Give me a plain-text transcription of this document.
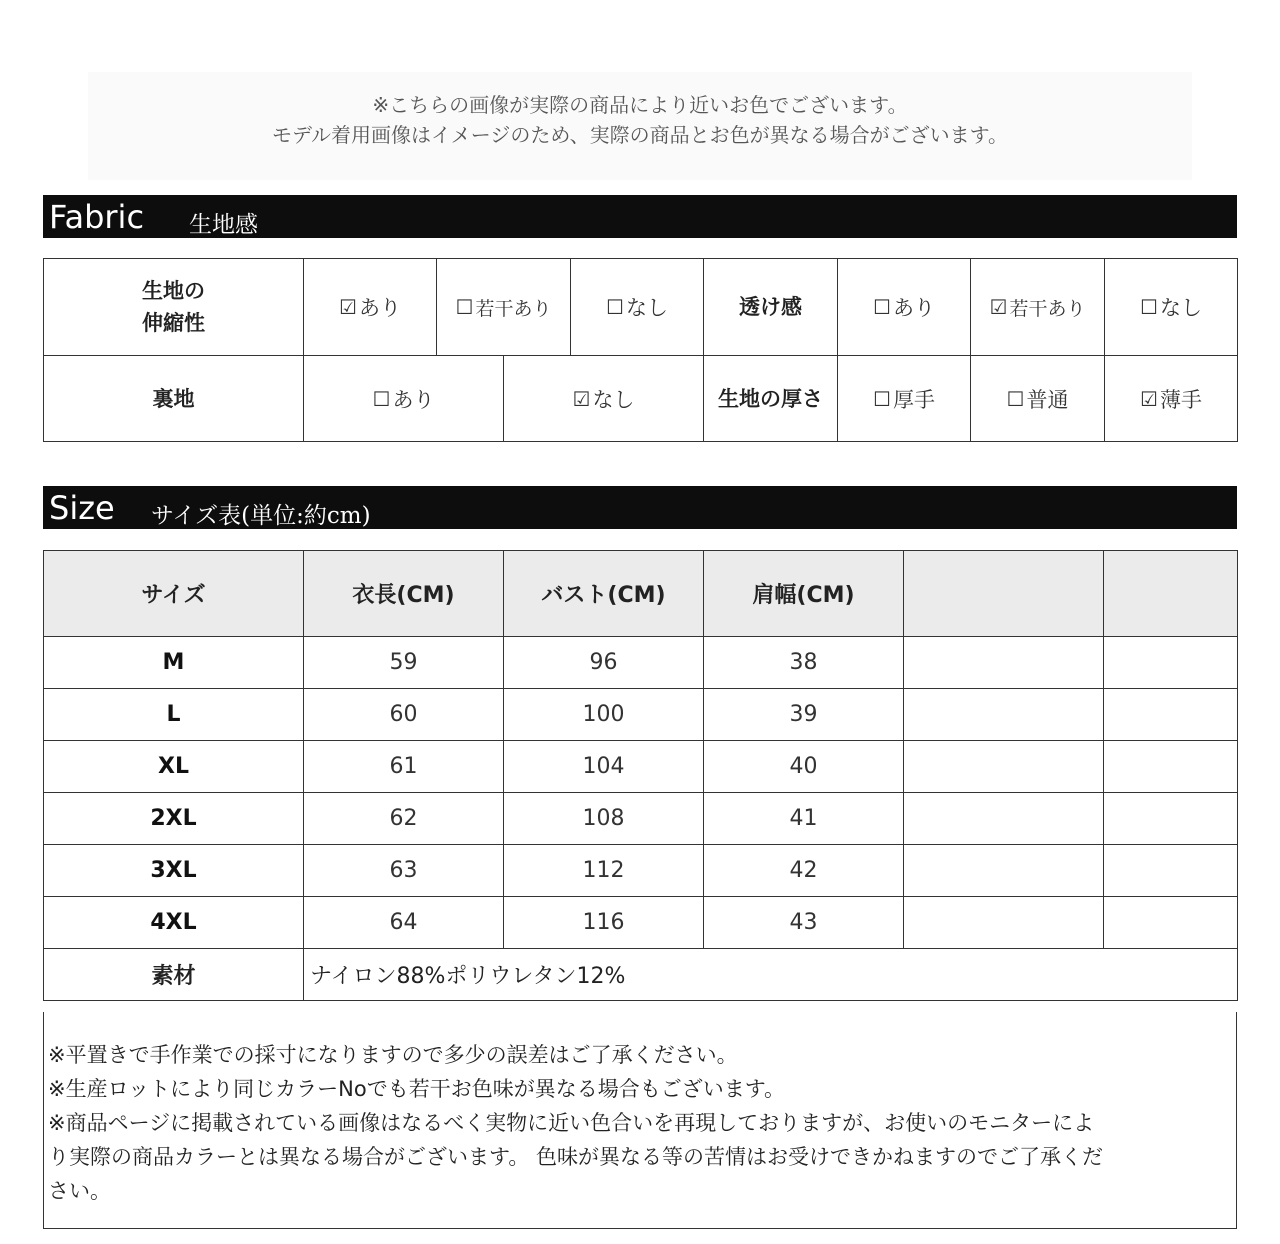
※こちらの画像が実際の商品により近いお色でございます。
モデル着用画像はイメージのため、実際の商品とお色が異なる場合がございます。
Fabric 生地感
生地の
伸縮性

☑ あり	☐ 若干あり	☐ なし	透け感	☐ あり	☑ 若干あり	☐ なし
裏地	☐ あり	☑ なし	生地の厚さ	☐ 厚手	☐ 普通	☑ 薄手
Size サイズ表(単位:約cm)
サイズ	衣長(CM)	バスト(CM)	肩幅(CM)		
M	59	96	38		
L	60	100	39		
XL	61	104	40		
2XL	62	108	41		
3XL	63	112	42		
4XL	64	116	43		
素材	ナイロン88%ポリウレタン12%				

※平置きで手作業での採寸になりますので多少の誤差はご了承ください。

※生産ロットにより同じカラーNoでも若干お色味が異なる場合もございます。

※商品ページに掲載されている画像はなるべく実物に近い色合いを再現しておりますが、お使いのモニターによ

り実際の商品カラーとは異なる場合がございます。 色味が異なる等の苦情はお受けできかねますのでご了承くだ

さい。
